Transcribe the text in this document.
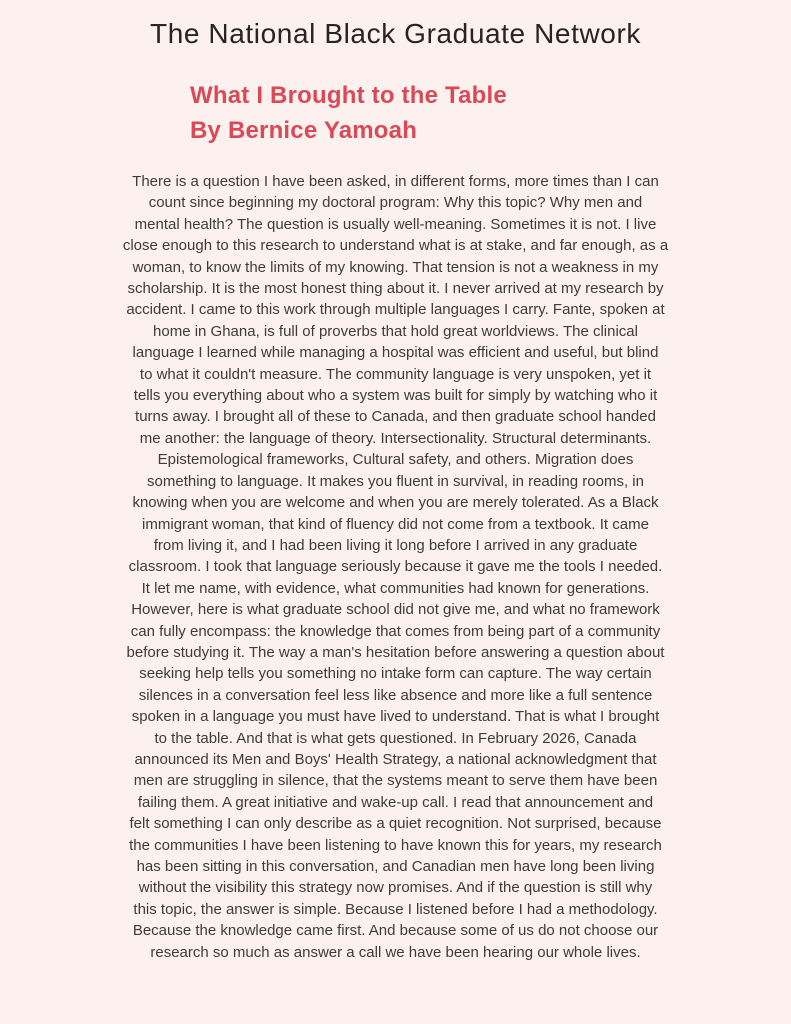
The National Black Graduate Network
What I Brought to the Table
By Bernice Yamoah
There is a question I have been asked, in different forms, more times than I can
count since beginning my doctoral program: Why this topic? Why men and
mental health? The question is usually well-meaning. Sometimes it is not. I live
close enough to this research to understand what is at stake, and far enough, as a
woman, to know the limits of my knowing. That tension is not a weakness in my
scholarship. It is the most honest thing about it. I never arrived at my research by
accident. I came to this work through multiple languages I carry. Fante, spoken at
home in Ghana, is full of proverbs that hold great worldviews. The clinical
language I learned while managing a hospital was efficient and useful, but blind
to what it couldn't measure. The community language is very unspoken, yet it
tells you everything about who a system was built for simply by watching who it
turns away. I brought all of these to Canada, and then graduate school handed
me another: the language of theory. Intersectionality. Structural determinants.
Epistemological frameworks, Cultural safety, and others. Migration does
something to language. It makes you fluent in survival, in reading rooms, in
knowing when you are welcome and when you are merely tolerated. As a Black
immigrant woman, that kind of fluency did not come from a textbook. It came
from living it, and I had been living it long before I arrived in any graduate
classroom. I took that language seriously because it gave me the tools I needed.
It let me name, with evidence, what communities had known for generations.
However, here is what graduate school did not give me, and what no framework
can fully encompass: the knowledge that comes from being part of a community
before studying it. The way a man's hesitation before answering a question about
seeking help tells you something no intake form can capture. The way certain
silences in a conversation feel less like absence and more like a full sentence
spoken in a language you must have lived to understand. That is what I brought
to the table. And that is what gets questioned. In February 2026, Canada
announced its Men and Boys' Health Strategy, a national acknowledgment that
men are struggling in silence, that the systems meant to serve them have been
failing them. A great initiative and wake-up call. I read that announcement and
felt something I can only describe as a quiet recognition. Not surprised, because
the communities I have been listening to have known this for years, my research
has been sitting in this conversation, and Canadian men have long been living
without the visibility this strategy now promises. And if the question is still why
this topic, the answer is simple. Because I listened before I had a methodology.
Because the knowledge came first. And because some of us do not choose our
research so much as answer a call we have been hearing our whole lives.
